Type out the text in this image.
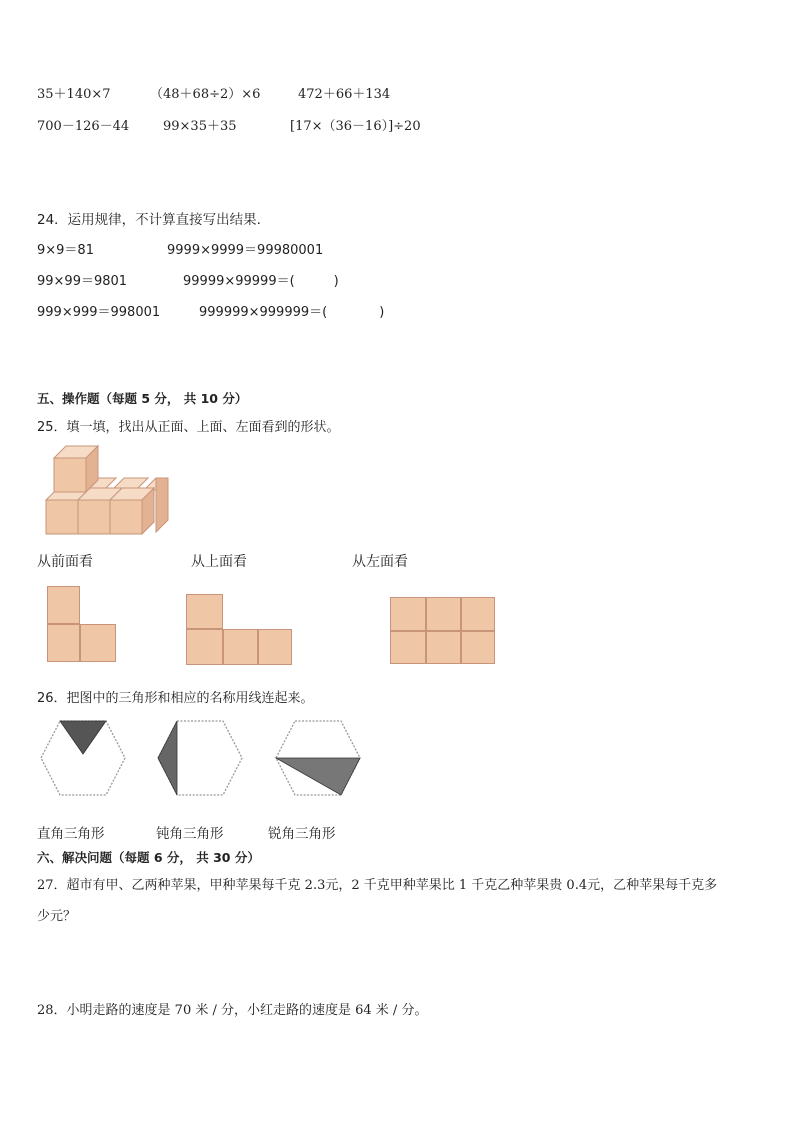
35＋140×7	（48＋68÷2）×6	472＋66＋134
700－126－44	99×35＋35	[17×（36－16）]÷20
24．运用规律，不计算直接写出结果.
9×9＝81	9999×9999＝99980001
99×99＝9801	99999×99999＝(　　　)
999×999＝998001	999999×999999＝(　　　　)
五、操作题（每题 5 分， 共 10 分）
25．填一填，找出从正面、上面、左面看到的形状。
从前面看	从上面看	从左面看
26．把图中的三角形和相应的名称用线连起来。
直角三角形	钝角三角形	锐角三角形
六、解决问题（每题 6 分， 共 30 分）
27．超市有甲、乙两种苹果，甲种苹果每千克 2.3元，2 千克甲种苹果比 1 千克乙种苹果贵 0.4元，乙种苹果每千克多
少元？
28．小明走路的速度是 70 米 / 分，小红走路的速度是 64 米 / 分。
